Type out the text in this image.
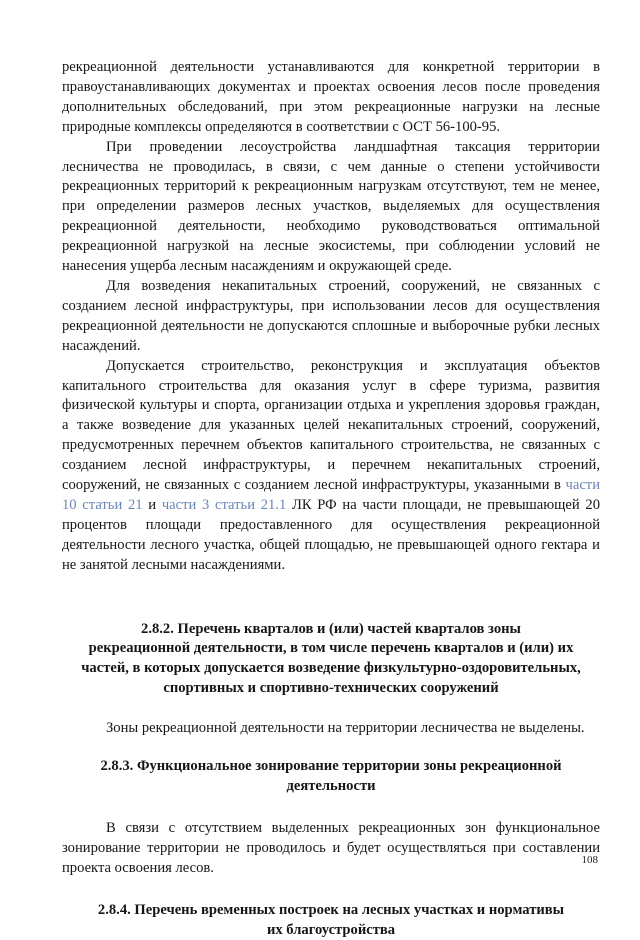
рекреационной деятельности устанавливаются для конкретной территории в правоустанавливающих документах и проектах освоения лесов после проведения дополнительных обследований, при этом рекреационные нагрузки на лесные природные комплексы определяются в соответствии с ОСТ 56-100-95.

При проведении лесоустройства ландшафтная таксация территории лесничества не проводилась, в связи, с чем данные о степени устойчивости рекреационных территорий к рекреационным нагрузкам отсутствуют, тем не менее, при определении размеров лесных участков, выделяемых для осуществления рекреационной деятельности, необходимо руководствоваться оптимальной рекреационной нагрузкой на лесные экосистемы, при соблюдении условий не нанесения ущерба лесным насаждениям и окружающей среде.

Для возведения некапитальных строений, сооружений, не связанных с созданием лесной инфраструктуры, при использовании лесов для осуществления рекреационной деятельности не допускаются сплошные и выборочные рубки лесных насаждений.

Допускается строительство, реконструкция и эксплуатация объектов капитального строительства для оказания услуг в сфере туризма, развития физической культуры и спорта, организации отдыха и укрепления здоровья граждан, а также возведение для указанных целей некапитальных строений, сооружений, предусмотренных перечнем объектов капитального строительства, не связанных с созданием лесной инфраструктуры, и перечнем некапитальных строений, сооружений, не связанных с созданием лесной инфраструктуры, указанными в части 10 статьи 21 и части 3 статьи 21.1 ЛК РФ на части площади, не превышающей 20 процентов площади предоставленного для осуществления рекреационной деятельности лесного участка, общей площадью, не превышающей одного гектара и не занятой лесными насаждениями.

2.8.2. Перечень кварталов и (или) частей кварталов зоны
рекреационной деятельности, в том числе перечень кварталов и (или) их
частей, в которых допускается возведение физкультурно-оздоровительных,
спортивных и спортивно-технических сооружений

Зоны рекреационной деятельности на территории лесничества не выделены.

2.8.3. Функциональное зонирование территории зоны рекреационной
деятельности

В связи с отсутствием выделенных рекреационных зон функциональное зонирование территории не проводилось и будет осуществляться при составлении проекта освоения лесов.

2.8.4. Перечень временных построек на лесных участках и нормативы
их благоустройства
108
